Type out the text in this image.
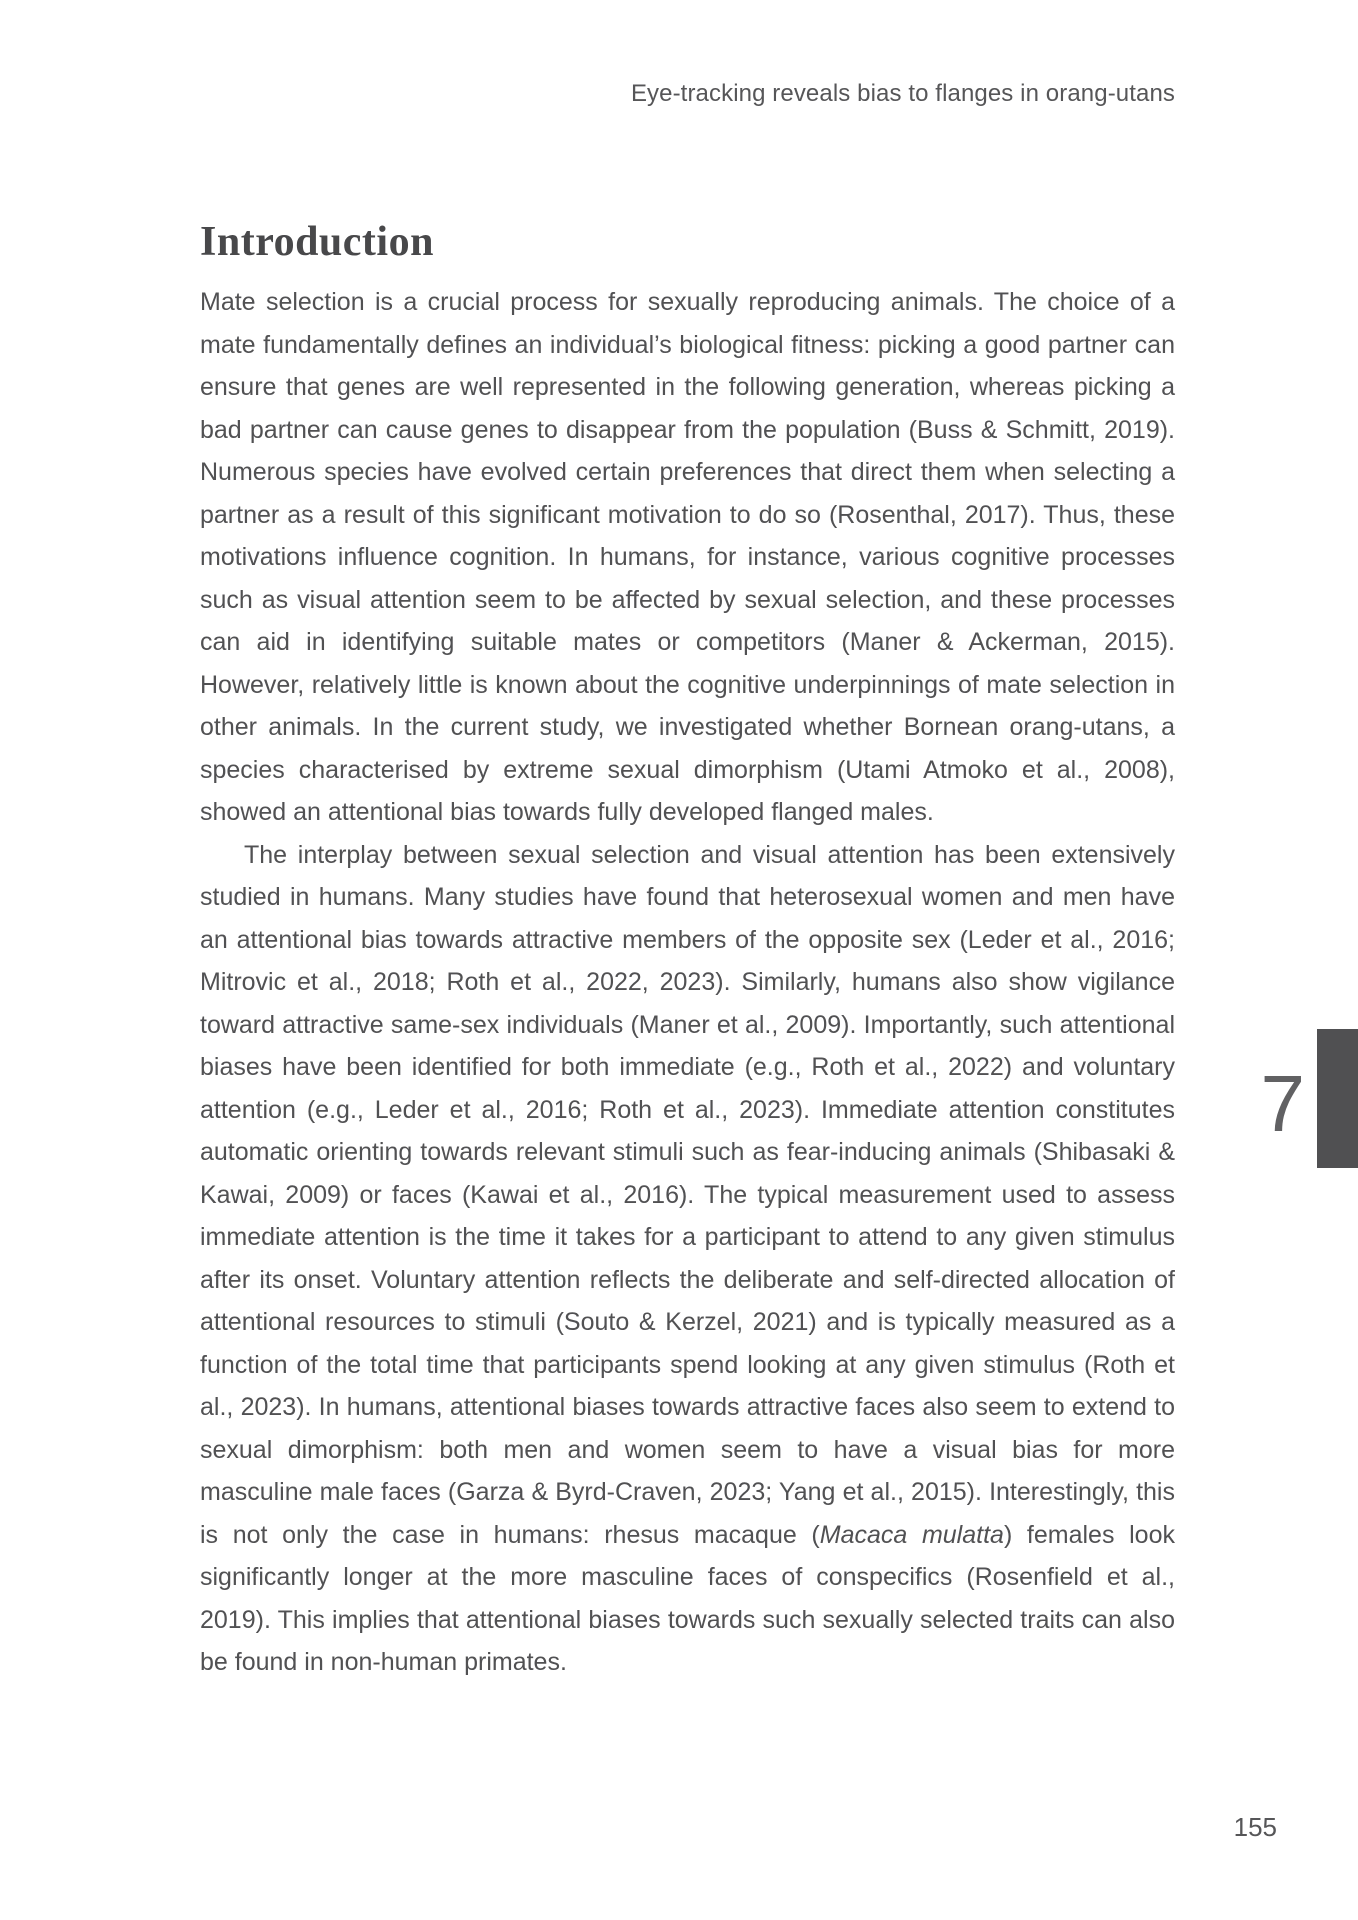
Eye-tracking reveals bias to flanges in orang-utans
Introduction

Mate selection is a crucial process for sexually reproducing animals. The choice of a mate fundamentally defines an individual’s biological fitness: picking a good partner can ensure that genes are well represented in the following generation, whereas picking a bad partner can cause genes to disappear from the population (Buss & Schmitt, 2019). Numerous species have evolved certain preferences that direct them when selecting a partner as a result of this significant motivation to do so (Rosenthal, 2017). Thus, these motivations influence cognition. In humans, for instance, various cognitive processes such as visual attention seem to be affected by sexual selection, and these processes can aid in identifying suitable mates or competitors (Maner & Ackerman, 2015). However, relatively little is known about the cognitive underpinnings of mate selection in other animals. In the current study, we investigated whether Bornean orang-utans, a species characterised by extreme sexual dimorphism (Utami Atmoko et al., 2008), showed an attentional bias towards fully developed flanged males.

The interplay between sexual selection and visual attention has been extensively studied in humans. Many studies have found that heterosexual women and men have an attentional bias towards attractive members of the opposite sex (Leder et al., 2016; Mitrovic et al., 2018; Roth et al., 2022, 2023). Similarly, humans also show vigilance toward attractive same-sex individuals (Maner et al., 2009). Importantly, such attentional biases have been identified for both immediate (e.g., Roth et al., 2022) and voluntary attention (e.g., Leder et al., 2016; Roth et al., 2023). Immediate attention constitutes automatic orienting towards relevant stimuli such as fear-inducing animals (Shibasaki & Kawai, 2009) or faces (Kawai et al., 2016). The typical measurement used to assess immediate attention is the time it takes for a participant to attend to any given stimulus after its onset. Voluntary attention reflects the deliberate and self-directed allocation of attentional resources to stimuli (Souto & Kerzel, 2021) and is typically measured as a function of the total time that participants spend looking at any given stimulus (Roth et al., 2023). In humans, attentional biases towards attractive faces also seem to extend to sexual dimorphism: both men and women seem to have a visual bias for more masculine male faces (Garza & Byrd-Craven, 2023; Yang et al., 2015). Interestingly, this is not only the case in humans: rhesus macaque (Macaca mulatta) females look significantly longer at the more masculine faces of conspecifics (Rosenfield et al., 2019). This implies that attentional biases towards such sexually selected traits can also be found in non-human primates.

7
155
